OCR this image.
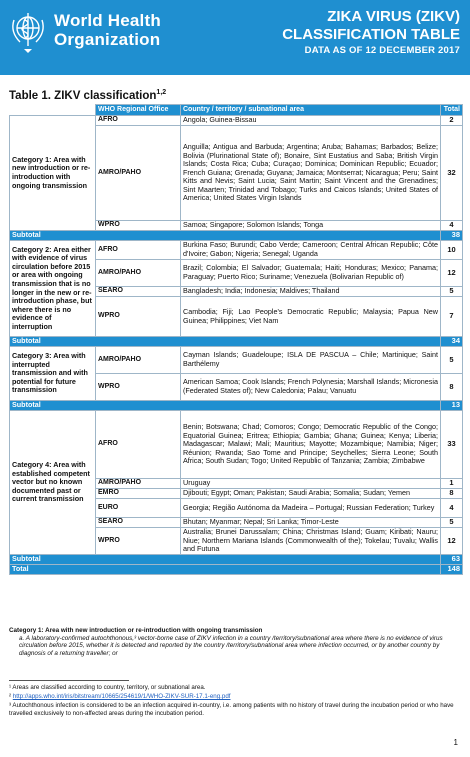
World Health
Organization
ZIKA VIRUS (ZIKV)
CLASSIFICATION TABLE
DATA AS OF 12 DECEMBER 2017
Table 1. ZIKV classification$^{1,2}$
	WHO Regional Office	Country / territory / subnational area	Total
Category 1: Area with new introduction or re-introduction with ongoing transmission	AFRO	Angola; Guinea-Bissau	2
	AMRO/PAHO	Anguilla; Antigua and Barbuda; Argentina; Aruba; Bahamas; Barbados; Belize; Bolivia (Plurinational State of); Bonaire, Sint Eustatius and Saba; British Virgin Islands; Costa Rica; Cuba; Curaçao; Dominica; Dominican Republic; Ecuador; French Guiana; Grenada; Guyana; Jamaica; Montserrat; Nicaragua; Peru; Saint Kitts and Nevis; Saint Lucia; Saint Martin; Saint Vincent and the Grenadines; Sint Maarten; Trinidad and Tobago; Turks and Caicos Islands; United States of America; United States Virgin Islands	32
	WPRO	Samoa; Singapore; Solomon Islands; Tonga	4
Subtotal			38
Category 2: Area either with evidence of virus circulation before 2015 or area with ongoing transmission that is no longer in the new or re-introduction phase, but where there is no evidence of interruption	AFRO	Burkina Faso; Burundi; Cabo Verde; Cameroon; Central African Republic; Côte d'Ivoire; Gabon; Nigeria; Senegal; Uganda	10
	AMRO/PAHO	Brazil; Colombia; El Salvador; Guatemala; Haiti; Honduras; Mexico; Panama; Paraguay; Puerto Rico; Suriname; Venezuela (Bolivarian Republic of)	12
	SEARO	Bangladesh; India; Indonesia; Maldives; Thailand	5
	WPRO	Cambodia; Fiji; Lao People's Democratic Republic; Malaysia; Papua New Guinea; Philippines; Viet Nam	7
Subtotal			34
Category 3: Area with interrupted transmission and with potential for future transmission	AMRO/PAHO	Cayman Islands; Guadeloupe; ISLA DE PASCUA – Chile; Martinique; Saint Barthélemy	5
	WPRO	American Samoa; Cook Islands; French Polynesia; Marshall Islands; Micronesia (Federated States of); New Caledonia; Palau; Vanuatu	8
Subtotal			13
Category 4: Area with established competent vector but no known documented past or current transmission	AFRO	Benin; Botswana; Chad; Comoros; Congo; Democratic Republic of the Congo; Equatorial Guinea; Eritrea; Ethiopia; Gambia; Ghana; Guinea; Kenya; Liberia; Madagascar; Malawi; Mali; Mauritius; Mayotte; Mozambique; Namibia; Niger; Réunion; Rwanda; Sao Tome and Principe; Seychelles; Sierra Leone; South Africa; South Sudan; Togo; United Republic of Tanzania; Zambia; Zimbabwe	33
	AMRO/PAHO	Uruguay	1
	EMRO	Djibouti; Egypt; Oman; Pakistan; Saudi Arabia; Somalia; Sudan; Yemen	8
	EURO	Georgia; Região Autónoma da Madeira – Portugal; Russian Federation; Turkey	4
	SEARO	Bhutan; Myanmar; Nepal; Sri Lanka; Timor-Leste	5
	WPRO	Australia; Brunei Darussalam; China; Christmas Island; Guam; Kiribati; Nauru; Niue; Northern Mariana Islands (Commonwealth of the); Tokelau; Tuvalu; Wallis and Futuna	12
Subtotal			63
Total			148
Category 1: Area with new introduction or re-introduction with ongoing transmission
a. A laboratory-confirmed autochthonous,³ vector-borne case of ZIKV infection in a country /territory/subnational area where there is no evidence of virus circulation before 2015, whether it is detected and reported by the country /territory/subnational area where infection occurred, or by another country by diagnosis of a returning traveller; or
¹ Areas are classified according to country, territory, or subnational area.
² http://apps.who.int/iris/bitstream/10665/254619/1/WHO-ZIKV-SUR-17.1-eng.pdf
³ Autochthonous infection is considered to be an infection acquired in-country, i.e. among patients with no history of travel during the incubation period or who have travelled exclusively to non-affected areas during the incubation period.
1
